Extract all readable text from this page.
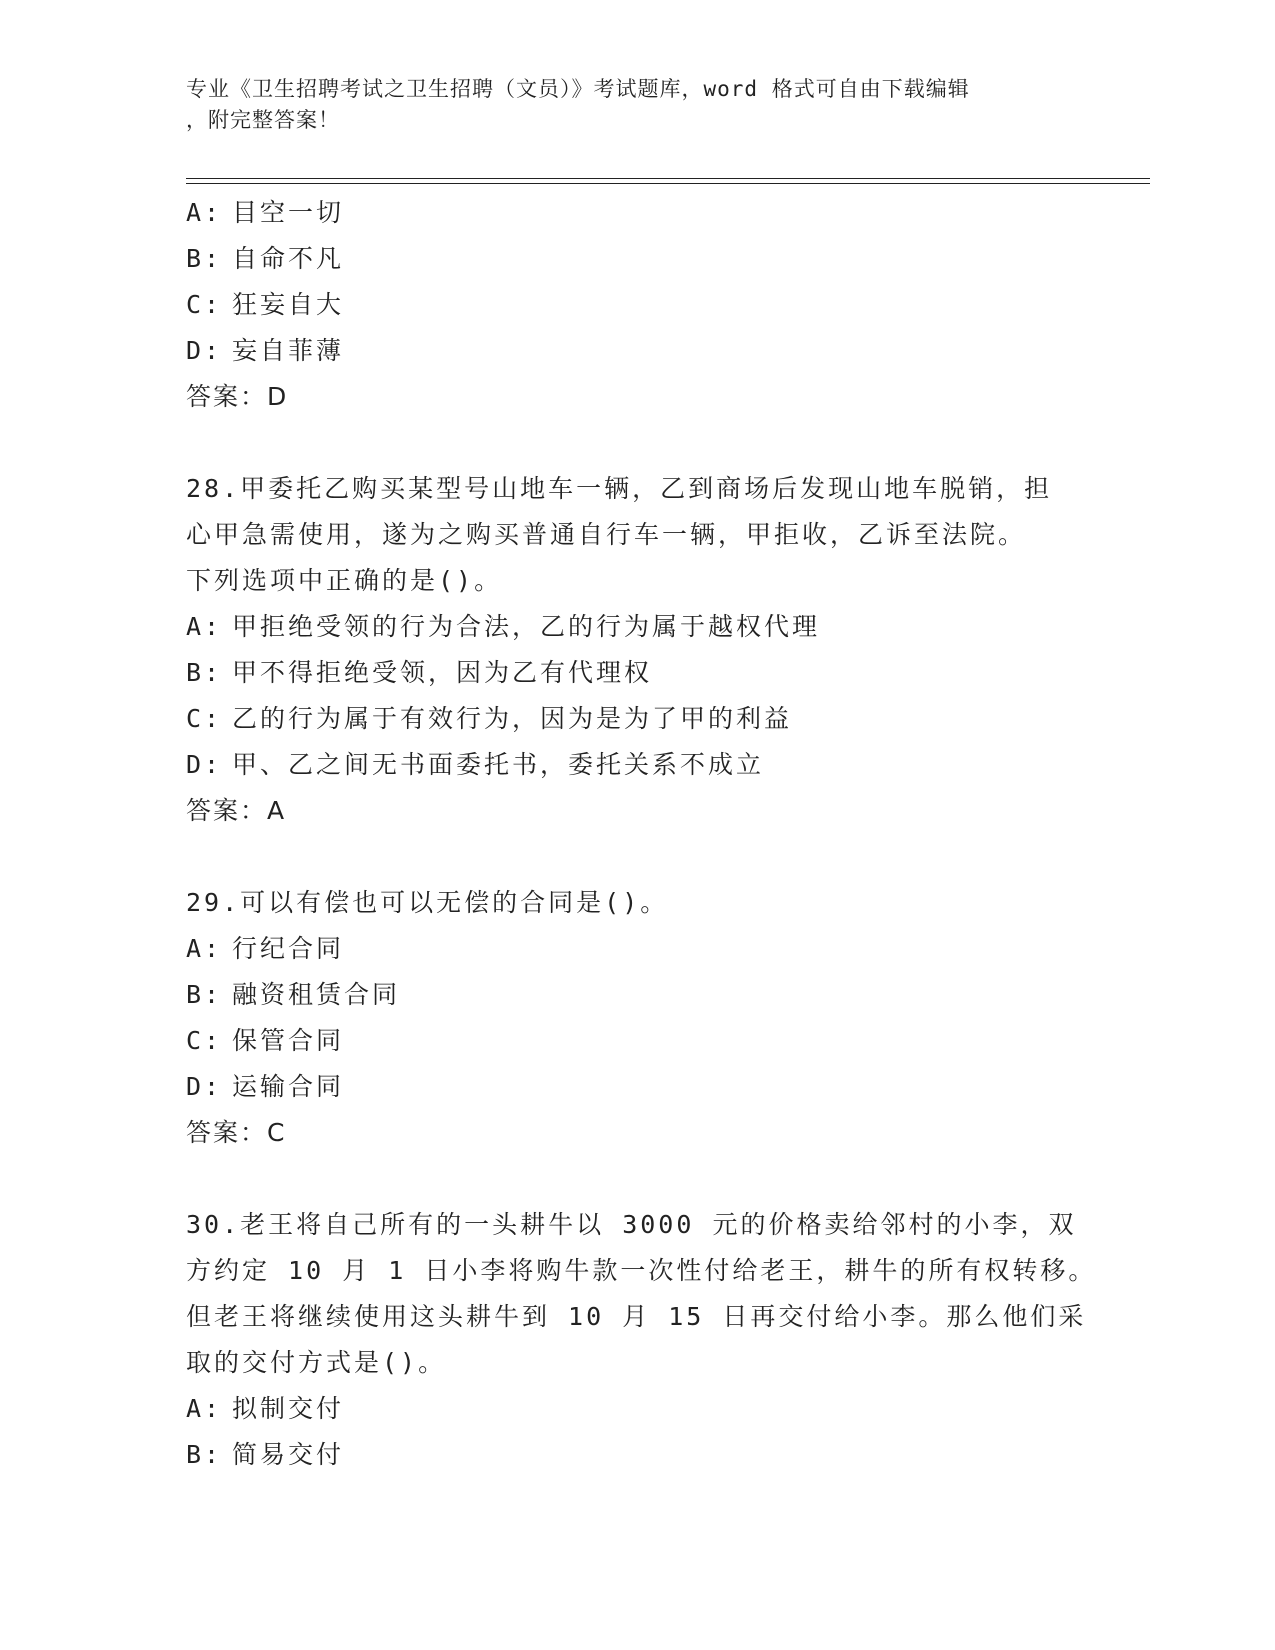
专业《卫生招聘考试之卫生招聘（文员）》考试题库，word 格式可自由下载编辑
，附完整答案！
A: 目空一切
B: 自命不凡
C: 狂妄自大
D: 妄自菲薄
答案：D
28.甲委托乙购买某型号山地车一辆，乙到商场后发现山地车脱销，担
心甲急需使用，遂为之购买普通自行车一辆，甲拒收，乙诉至法院。
下列选项中正确的是()。
A: 甲拒绝受领的行为合法，乙的行为属于越权代理
B: 甲不得拒绝受领，因为乙有代理权
C: 乙的行为属于有效行为，因为是为了甲的利益
D: 甲、乙之间无书面委托书，委托关系不成立
答案：A
29.可以有偿也可以无偿的合同是()。
A: 行纪合同
B: 融资租赁合同
C: 保管合同
D: 运输合同
答案：C
30.老王将自己所有的一头耕牛以 3000 元的价格卖给邻村的小李，双
方约定 10 月 1 日小李将购牛款一次性付给老王，耕牛的所有权转移。
但老王将继续使用这头耕牛到 10 月 15 日再交付给小李。那么他们采
取的交付方式是()。
A: 拟制交付
B: 简易交付
